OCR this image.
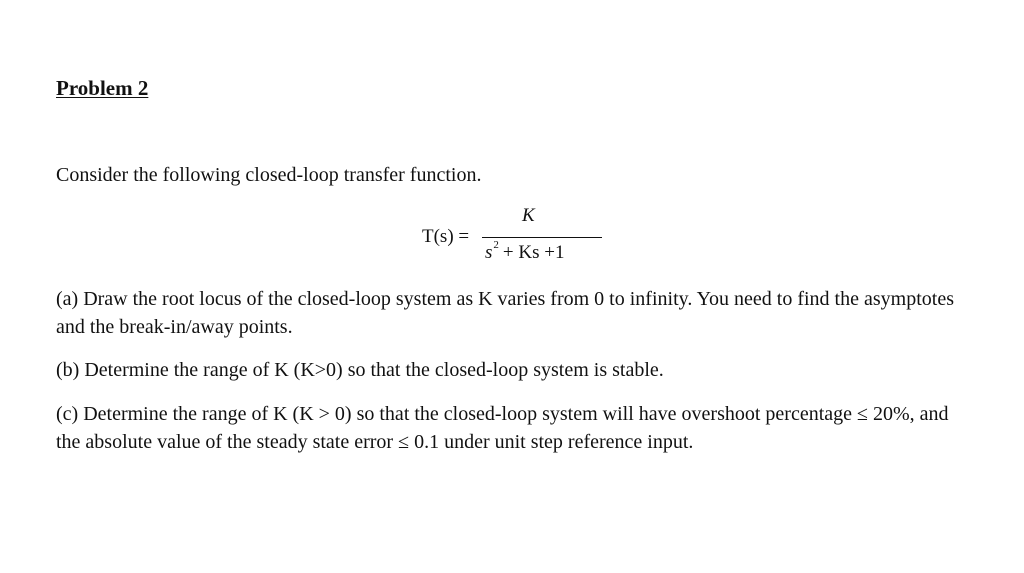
Problem 2
Consider the following closed-loop transfer function.
T(s) =
K
$s^2 + Ks +1$
(a) Draw the root locus of the closed-loop system as K varies from 0 to infinity. You need to find the asymptotes and the break-in/away points.
(b) Determine the range of K (K>0) so that the closed-loop system is stable.
(c) Determine the range of K (K > 0) so that the closed-loop system will have overshoot percentage ≤ 20%, and the absolute value of the steady state error ≤ 0.1 under unit step reference input.
